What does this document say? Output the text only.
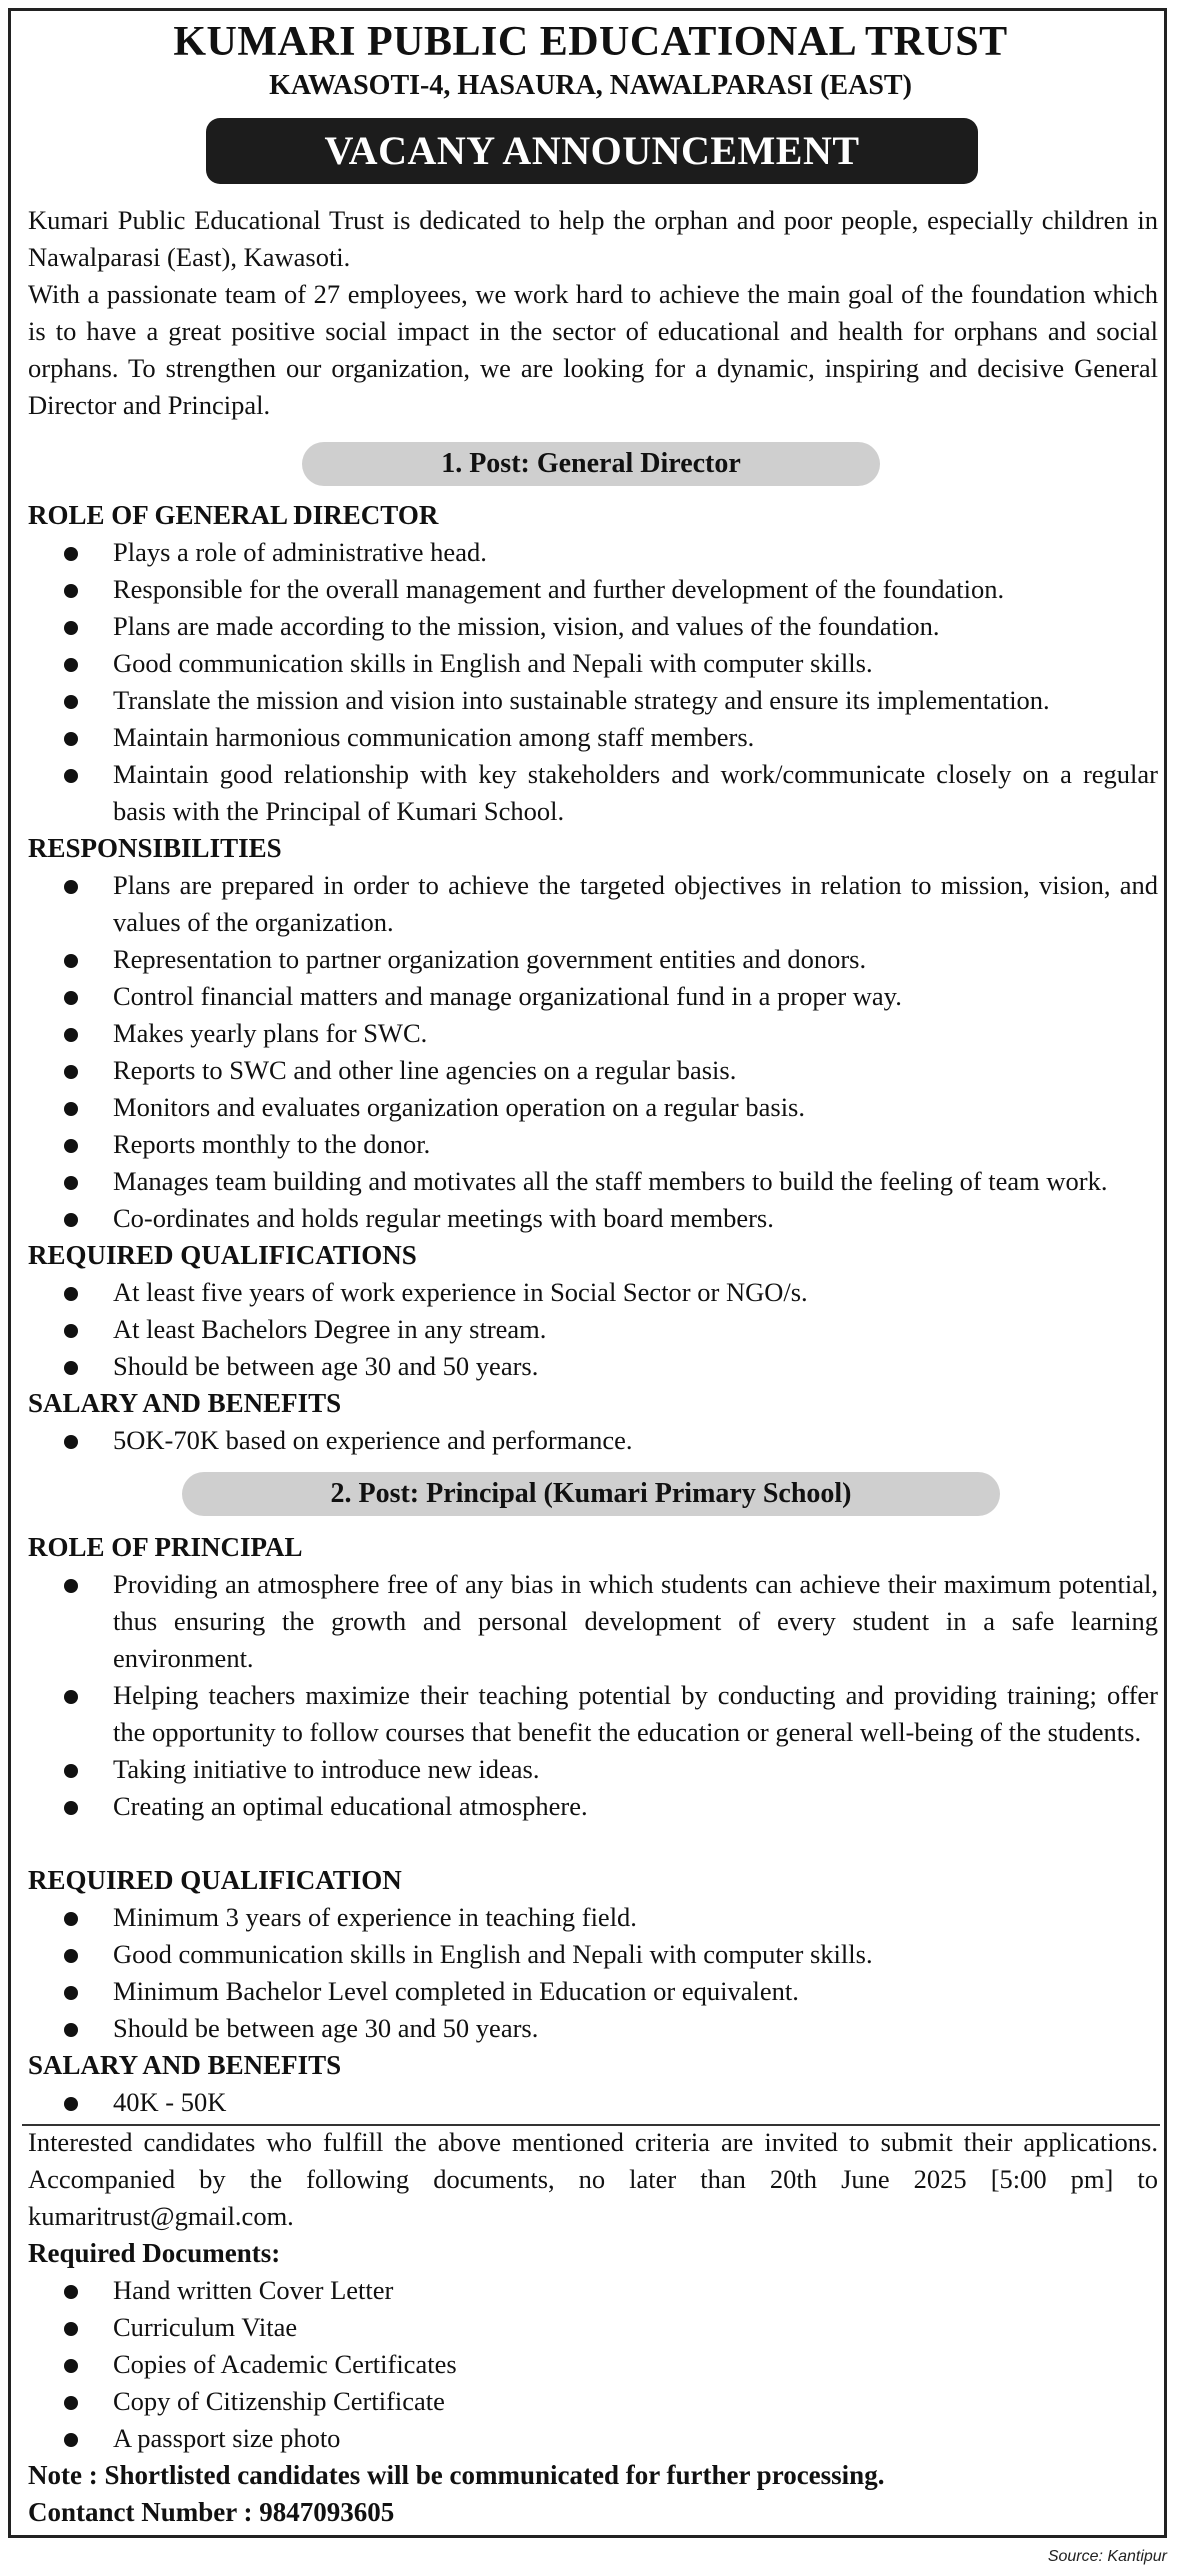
KUMARI PUBLIC EDUCATIONAL TRUST
KAWASOTI-4, HASAURA, NAWALPARASI (EAST)
VACANY ANNOUNCEMENT
Kumari Public Educational Trust is dedicated to help the orphan and poor people, especially children in Nawalparasi (East), Kawasoti.
With a passionate team of 27 employees, we work hard to achieve the main goal of the foundation which is to have a great positive social impact in the sector of educational and health for orphans and social orphans. To strengthen our organization, we are looking for a dynamic, inspiring and decisive General Director and Principal.
1. Post: General Director
ROLE OF GENERAL DIRECTOR
Plays a role of administrative head.
Responsible for the overall management and further development of the foundation.
Plans are made according to the mission, vision, and values of the foundation.
Good communication skills in English and Nepali with computer skills.
Translate the mission and vision into sustainable strategy and ensure its implementation.
Maintain harmonious communication among staff members.
Maintain good relationship with key stakeholders and work/communicate closely on a regular basis with the Principal of Kumari School.
RESPONSIBILITIES
Plans are prepared in order to achieve the targeted objectives in relation to mission, vision, and values of the organization.
Representation to partner organization government entities and donors.
Control financial matters and manage organizational fund in a proper way.
Makes yearly plans for SWC.
Reports to SWC and other line agencies on a regular basis.
Monitors and evaluates organization operation on a regular basis.
Reports monthly to the donor.
Manages team building and motivates all the staff members to build the feeling of team work.
Co-ordinates and holds regular meetings with board members.
REQUIRED QUALIFICATIONS
At least five years of work experience in Social Sector or NGO/s.
At least Bachelors Degree in any stream.
Should be between age 30 and 50 years.
SALARY AND BENEFITS
5OK-70K based on experience and performance.
2. Post: Principal (Kumari Primary School)
ROLE OF PRINCIPAL
Providing an atmosphere free of any bias in which students can achieve their maximum potential, thus ensuring the growth and personal development of every student in a safe learning environment.
Helping teachers maximize their teaching potential by conducting and providing training; offer the opportunity to follow courses that benefit the education or general well-being of the students.
Taking initiative to introduce new ideas.
Creating an optimal educational atmosphere.
REQUIRED QUALIFICATION
Minimum 3 years of experience in teaching field.
Good communication skills in English and Nepali with computer skills.
Minimum Bachelor Level completed in Education or equivalent.
Should be between age 30 and 50 years.
SALARY AND BENEFITS
40K - 50K
Interested candidates who fulfill the above mentioned criteria are invited to submit their applications. Accompanied by the following documents, no later than 20th June 2025 [5:00 pm] to kumaritrust@gmail.com.
Required Documents:
Hand written Cover Letter
Curriculum Vitae
Copies of Academic Certificates
Copy of Citizenship Certificate
A passport size photo
Note : Shortlisted candidates will be communicated for further processing.
Contanct Number : 9847093605
Source: Kantipur
